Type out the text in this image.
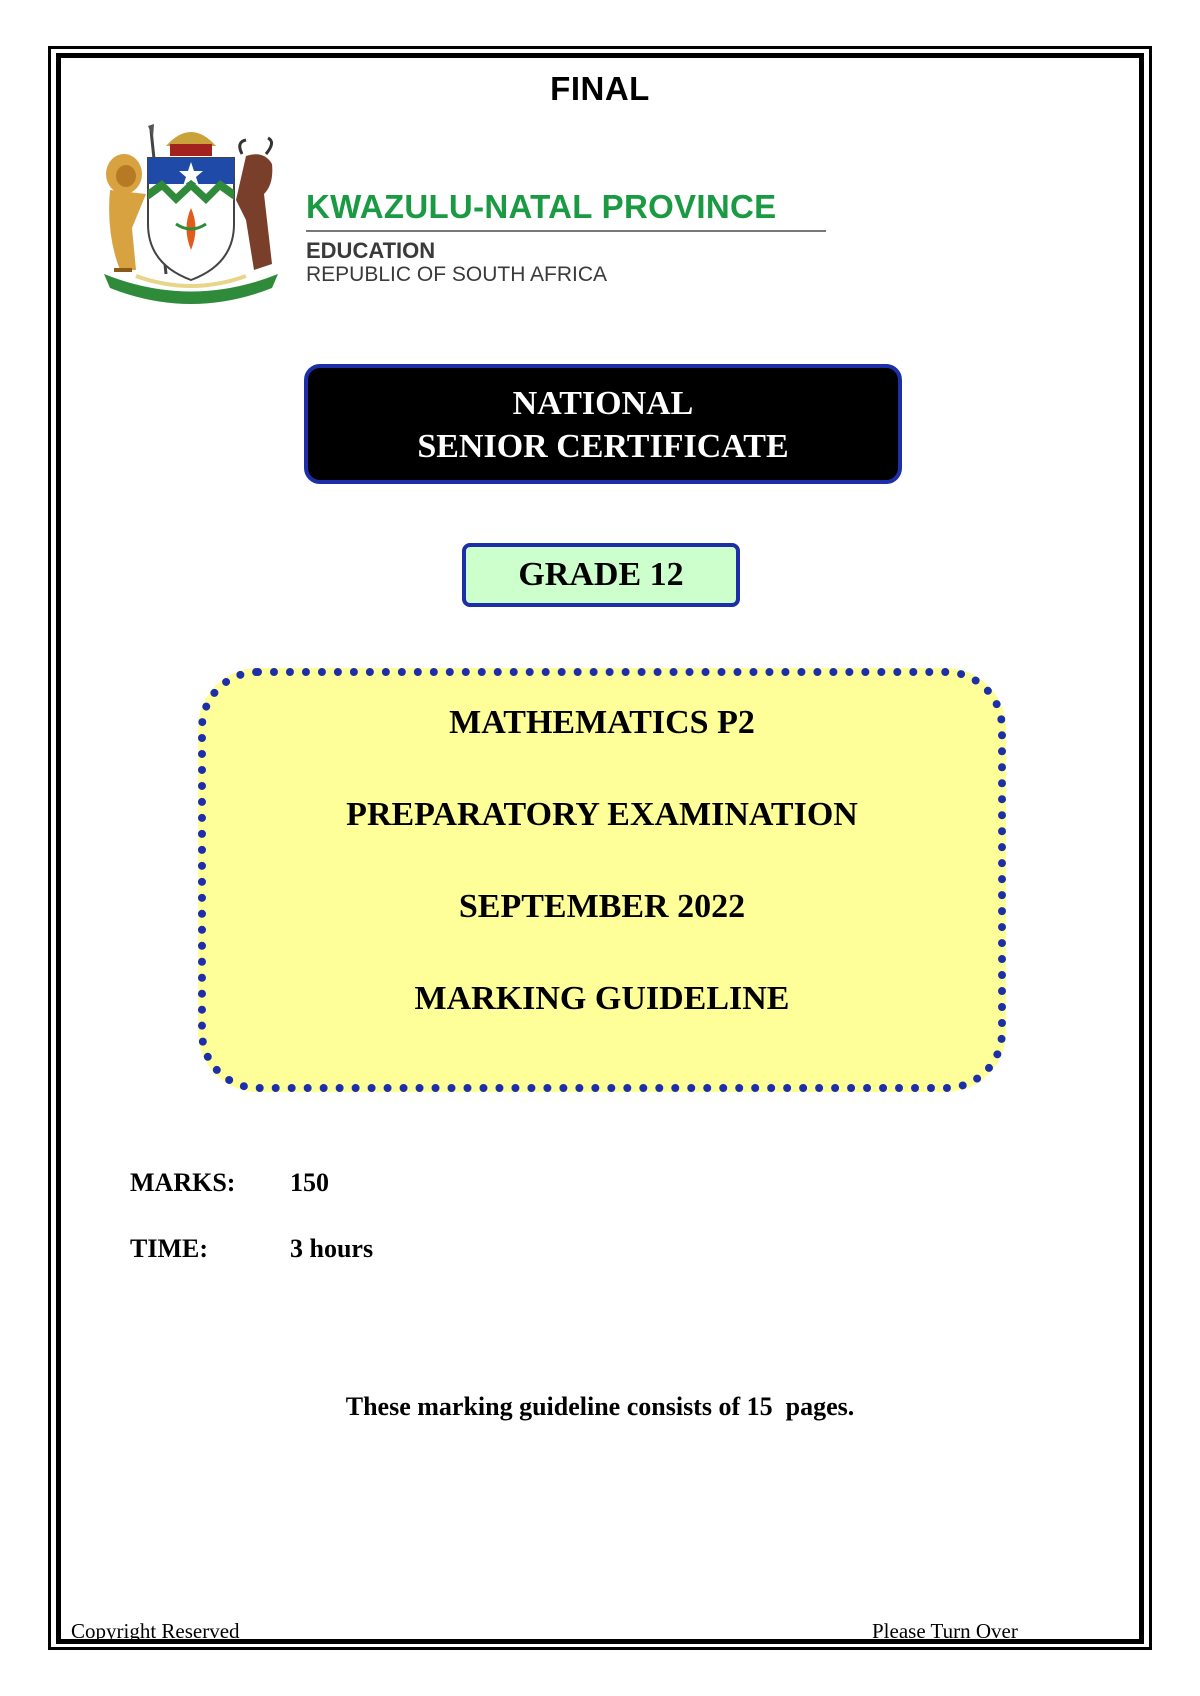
FINAL
KWAZULU-NATAL PROVINCE
EDUCATION
REPUBLIC OF SOUTH AFRICA
NATIONAL
SENIOR CERTIFICATE
GRADE 12
MATHEMATICS P2
PREPARATORY EXAMINATION
SEPTEMBER 2022
MARKING GUIDELINE
MARKS: 150
TIME:	3 hours
These marking guideline consists of 15  pages.
Copyright Reserved	Please Turn Over
